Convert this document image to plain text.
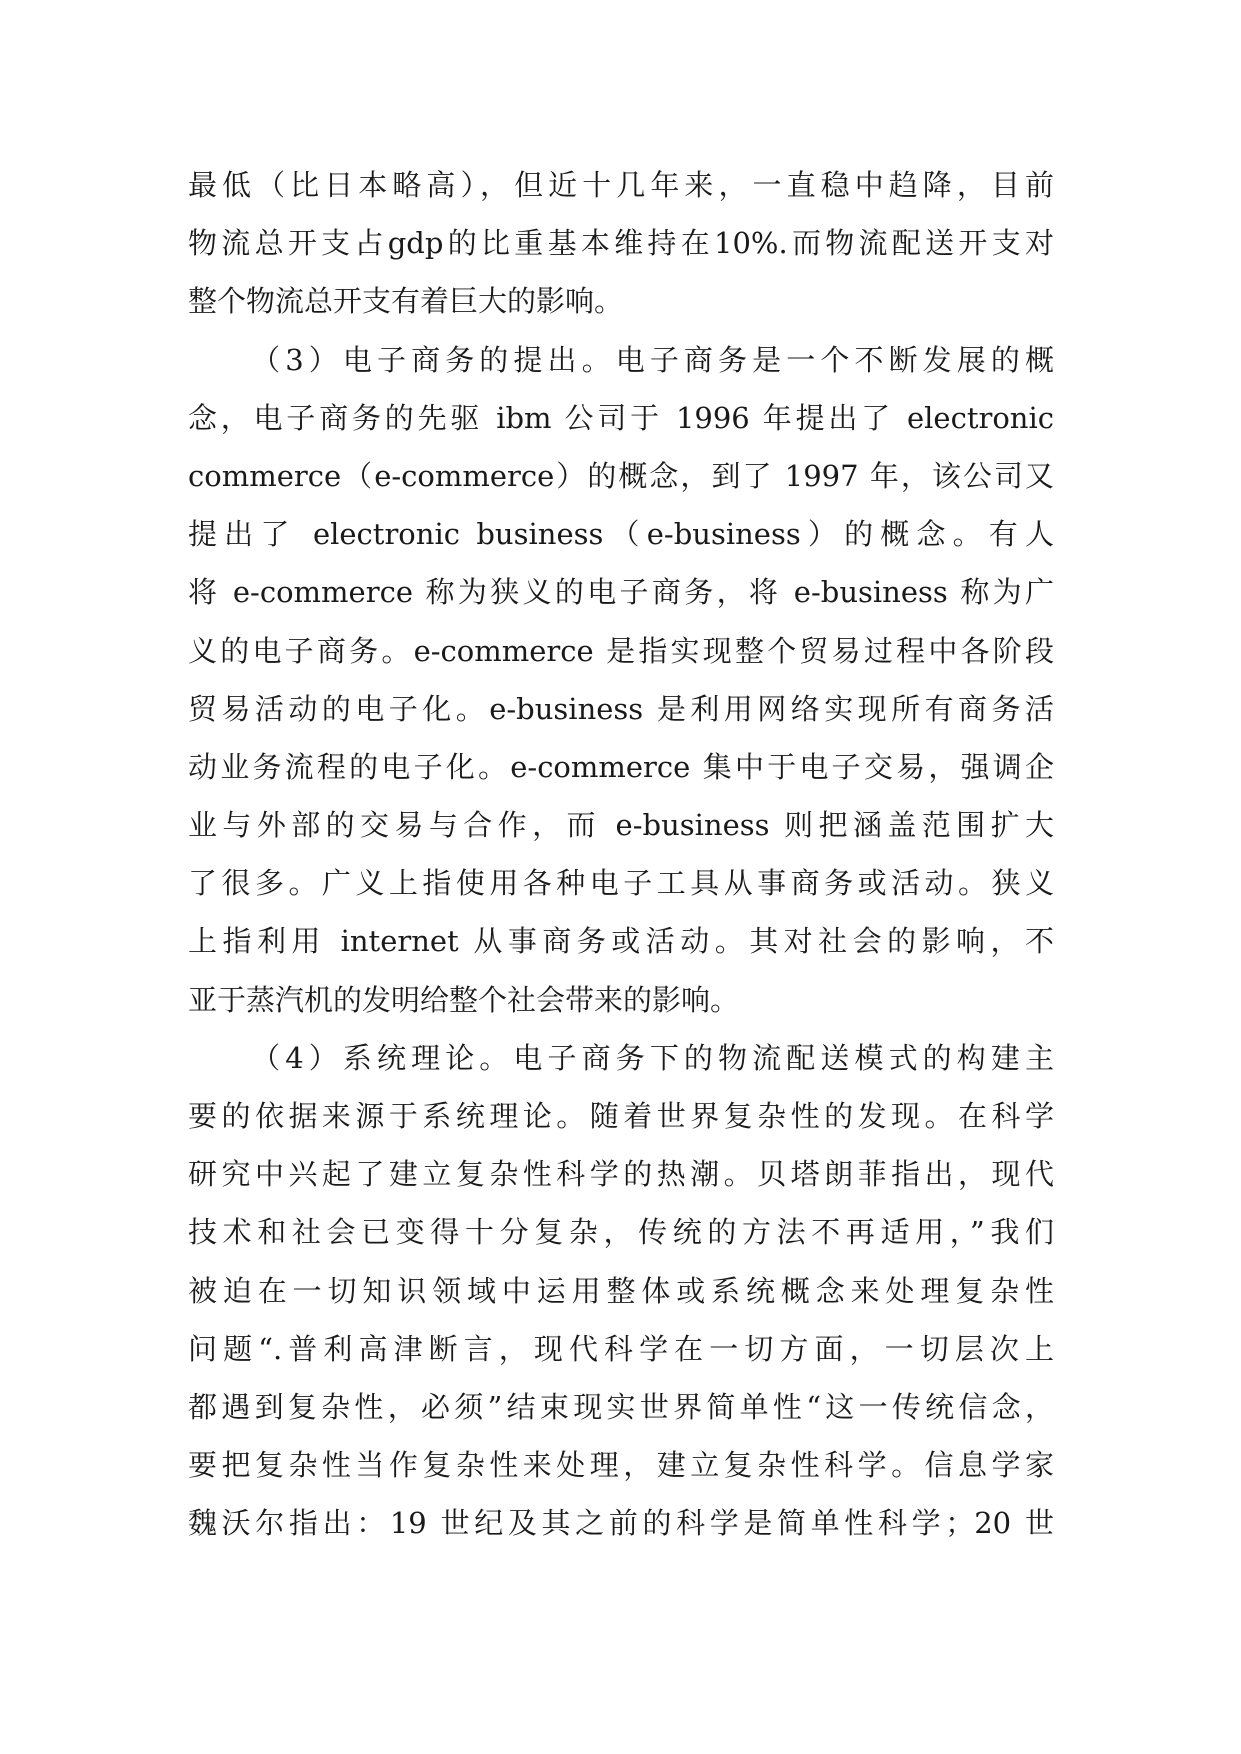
最低（比日本略高），但近十几年来，一直稳中趋降，目前
物流总开支占gdp的比重基本维持在10%.而物流配送开支对
整个物流总开支有着巨大的影响。
（3）电子商务的提出。电子商务是一个不断发展的概
念，电子商务的先驱 ibm 公司于 1996 年提出了 electronic
commerce（e-commerce）的概念，到了 1997 年，该公司又
提出了 electronic business（e-business）的概念。有人
将 e-commerce 称为狭义的电子商务，将 e-business 称为广
义的电子商务。e-commerce 是指实现整个贸易过程中各阶段
贸易活动的电子化。e-business 是利用网络实现所有商务活
动业务流程的电子化。e-commerce 集中于电子交易，强调企
业与外部的交易与合作，而 e-business 则把涵盖范围扩大
了很多。广义上指使用各种电子工具从事商务或活动。狭义
上指利用 internet 从事商务或活动。其对社会的影响，不
亚于蒸汽机的发明给整个社会带来的影响。
（4）系统理论。电子商务下的物流配送模式的构建主
要的依据来源于系统理论。随着世界复杂性的发现。在科学
研究中兴起了建立复杂性科学的热潮。贝塔朗菲指出，现代
技术和社会已变得十分复杂，传统的方法不再适用，”我们
被迫在一切知识领域中运用整体或系统概念来处理复杂性
问题“.普利高津断言，现代科学在一切方面，一切层次上
都遇到复杂性，必须”结束现实世界简单性“这一传统信念，
要把复杂性当作复杂性来处理，建立复杂性科学。信息学家
魏沃尔指出：19 世纪及其之前的科学是简单性科学；20 世
